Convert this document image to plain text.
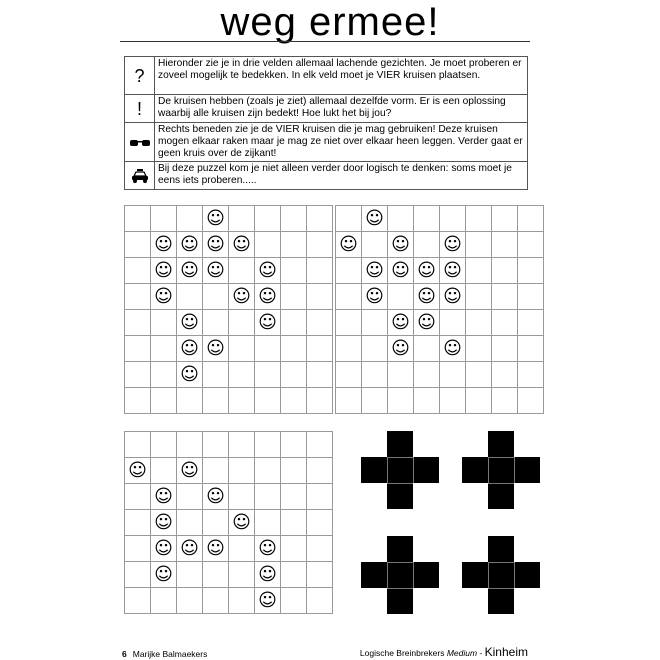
weg ermee!
?	Hieronder zie je in drie velden allemaal lachende gezichten. Je moet proberen er zoveel mogelijk te bedekken. In elk veld moet je VIER kruisen plaatsen.
!	De kruisen hebben (zoals je ziet) allemaal dezelfde vorm. Er is een oplossing waarbij alle kruisen zijn bedekt! Hoe lukt het bij jou?
	Rechts beneden zie je de VIER kruisen die je mag gebruiken! Deze kruisen mogen elkaar raken maar je mag ze niet over elkaar heen leggen. Verder gaat er geen kruis over de zijkant!
	Bij deze puzzel kom je niet alleen verder door logisch te denken: soms moet je eens iets proberen.....
			☺				
	☺	☺	☺	☺			
	☺	☺	☺		☺		
	☺			☺	☺		
		☺			☺		
		☺	☺				
		☺					

	☺						
☺		☺		☺			
	☺	☺	☺	☺			
	☺		☺	☺			
		☺	☺				
		☺		☺			

☺		☺					
	☺		☺				
	☺			☺			
	☺	☺	☺		☺		
	☺				☺		
					☺		
6 Marijke Balmaekers	Logische Breinbrekers Medium - Kinheim
